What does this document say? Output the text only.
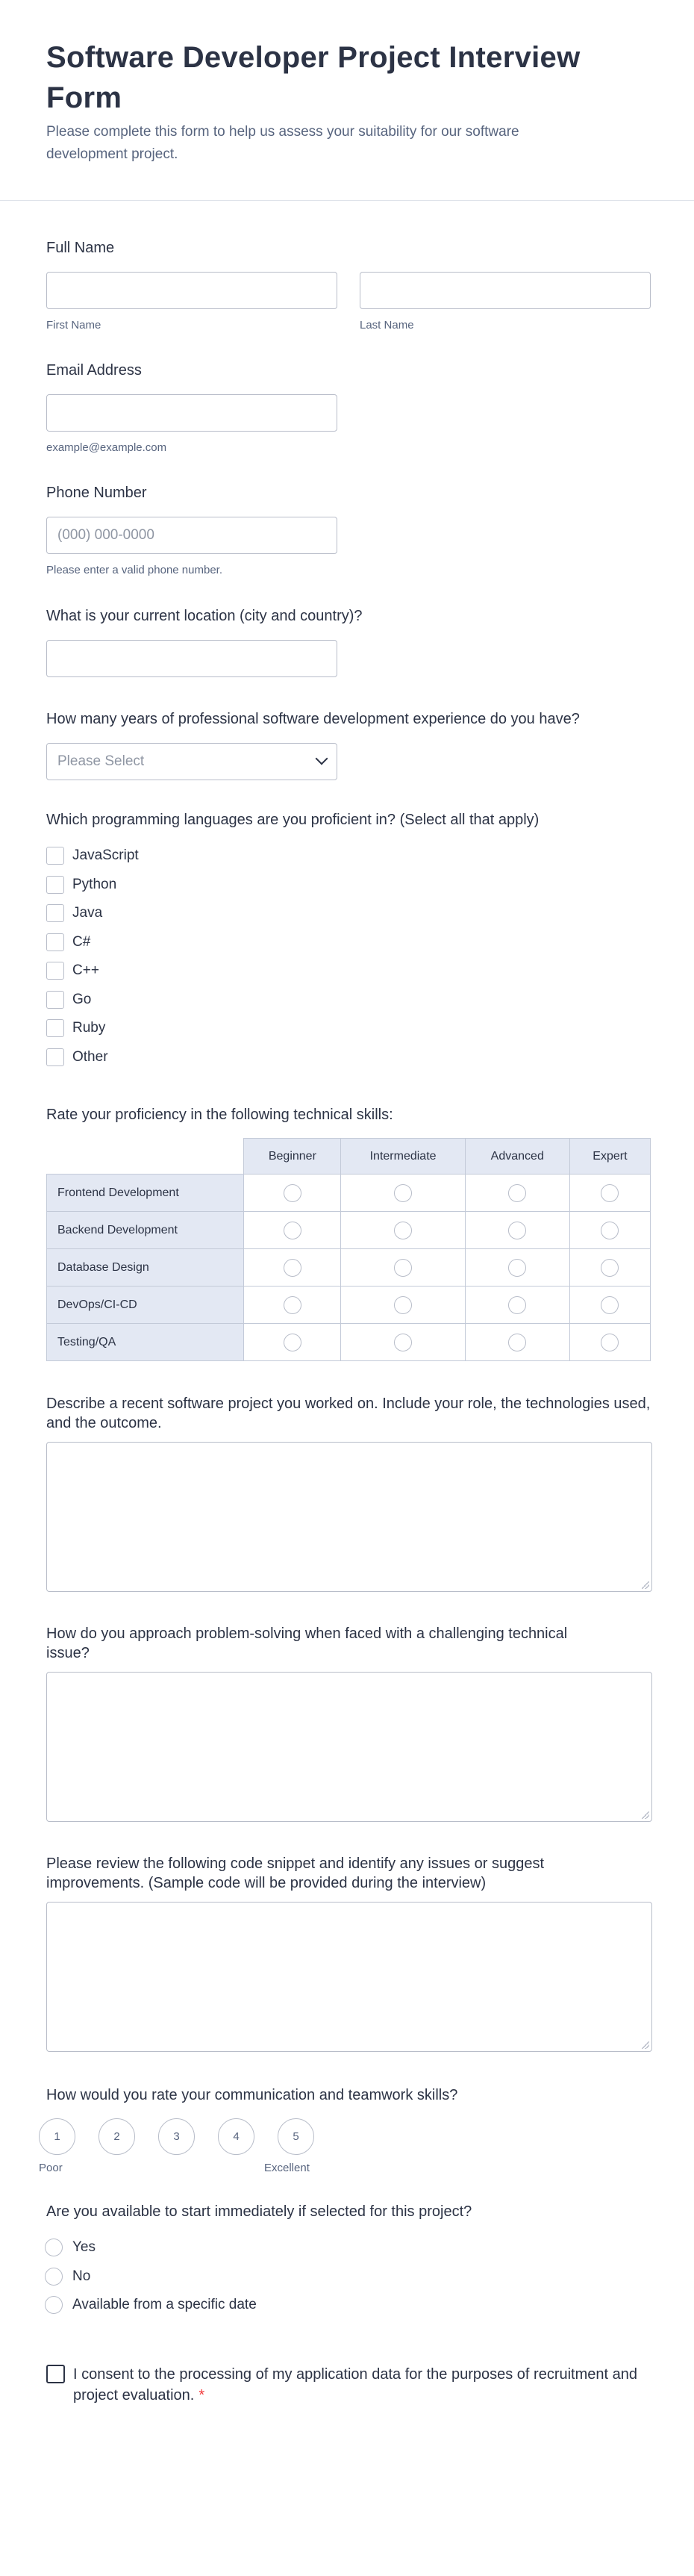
Software Developer Project Interview Form

Please complete this form to help us assess your suitability for our software development project.

Full Name
First Name	Last Name
Email Address
example@example.com
Phone Number
(000) 000-0000
Please enter a valid phone number.
What is your current location (city and country)?
How many years of professional software development experience do you have?
Please Select
Which programming languages are you proficient in? (Select all that apply)
JavaScript
Python
Java
C#
C++
Go
Ruby
Other
Rate your proficiency in the following technical skills:
	Beginner	Intermediate	Advanced	Expert
Frontend Development				
Backend Development				
Database Design				
DevOps/CI-CD				
Testing/QA				
Describe a recent software project you worked on. Include your role, the technologies used, and the outcome.
How do you approach problem-solving when faced with a challenging technical issue?
Please review the following code snippet and identify any issues or suggest improvements. (Sample code will be provided during the interview)
How would you rate your communication and teamwork skills?
1	2	3	4	5
Poor	Excellent
Are you available to start immediately if selected for this project?
Yes
No
Available from a specific date
I consent to the processing of my application data for the purposes of recruitment and project evaluation. *
